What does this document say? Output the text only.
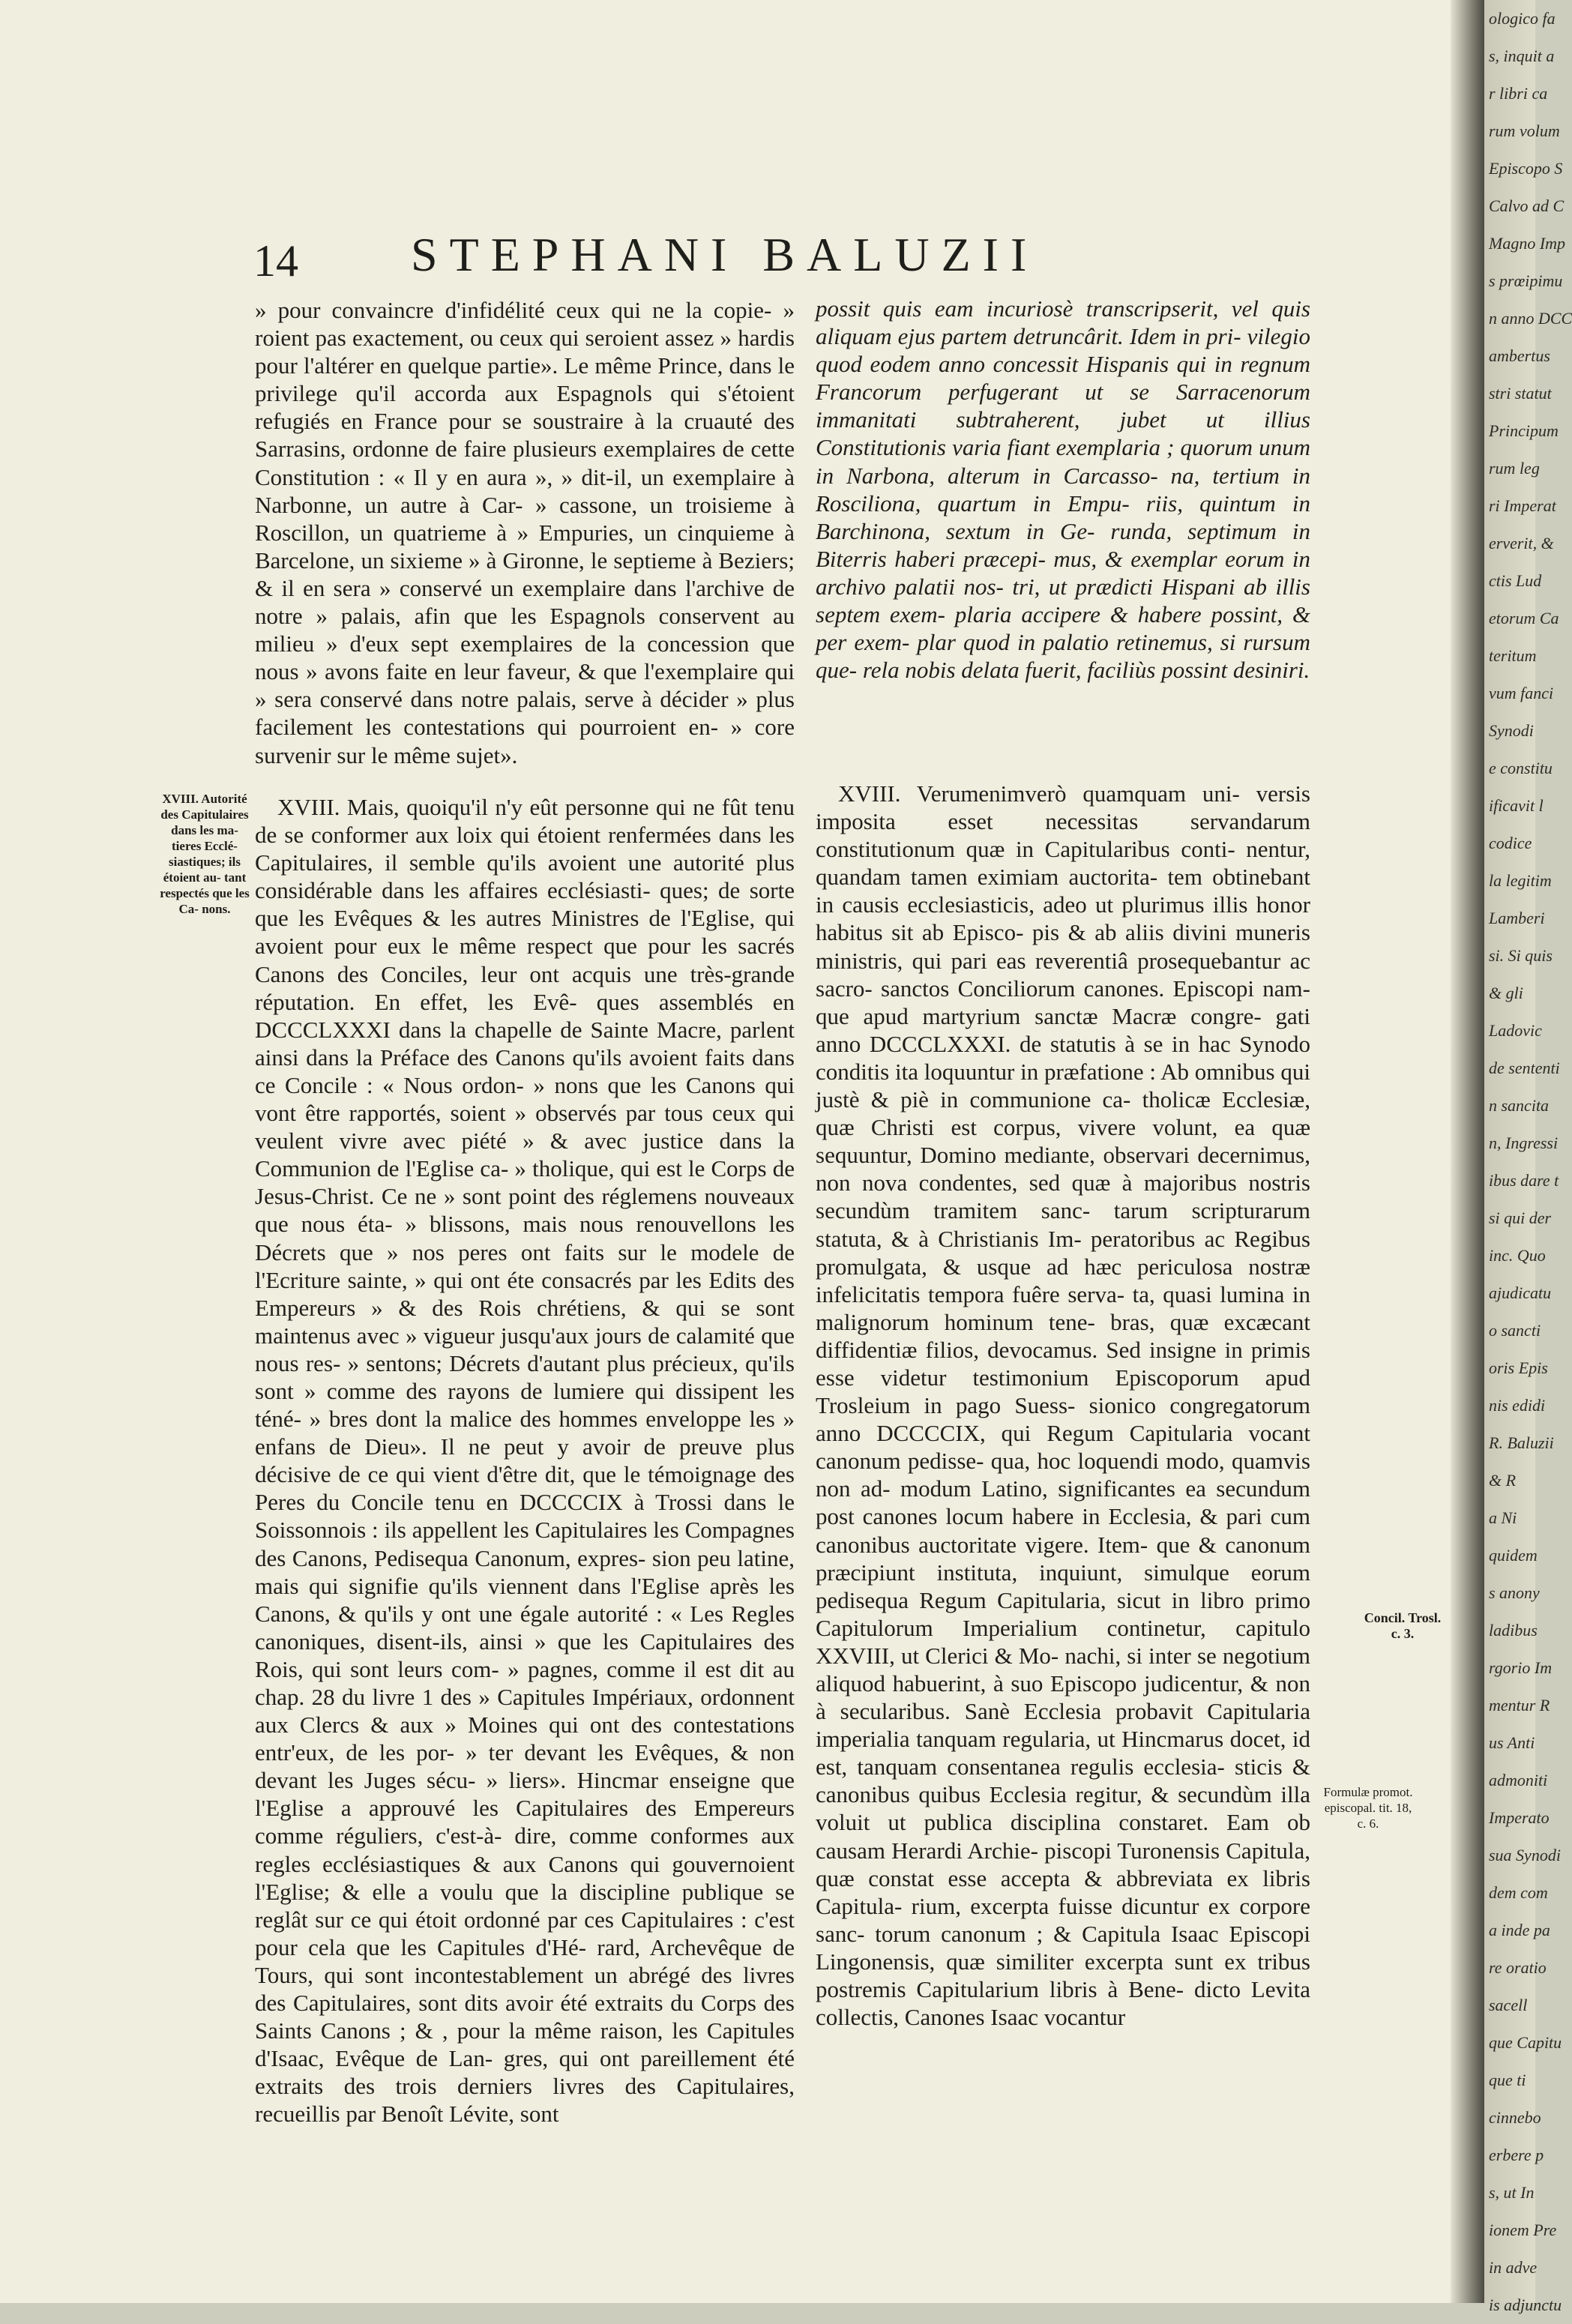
14 STEPHANI BALUZII

» pour convaincre d'infidélité ceux qui ne la copie- » roient pas exactement, ou ceux qui seroient assez » hardis pour l'altérer en quelque partie». Le même Prince, dans le privilege qu'il accorda aux Espagnols qui s'étoient refugiés en France pour se soustraire à la cruauté des Sarrasins, ordonne de faire plusieurs exemplaires de cette Constitution : « Il y en aura », » dit-il, un exemplaire à Narbonne, un autre à Car- » cassone, un troisieme à Roscillon, un quatrieme à » Empuries, un cinquieme à Barcelone, un sixieme » à Gironne, le septieme à Beziers; & il en sera » conservé un exemplaire dans l'archive de notre » palais, afin que les Espagnols conservent au milieu » d'eux sept exemplaires de la concession que nous » avons faite en leur faveur, & que l'exemplaire qui » sera conservé dans notre palais, serve à décider » plus facilement les contestations qui pourroient en- » core survenir sur le même sujet».

XVIII. Mais, quoiqu'il n'y eût personne qui ne fût tenu de se conformer aux loix qui étoient renfermées dans les Capitulaires, il semble qu'ils avoient une autorité plus considérable dans les affaires ecclésiasti- ques; de sorte que les Evêques & les autres Ministres de l'Eglise, qui avoient pour eux le même respect que pour les sacrés Canons des Conciles, leur ont acquis une très-grande réputation. En effet, les Evê- ques assemblés en DCCCLXXXI dans la chapelle de Sainte Macre, parlent ainsi dans la Préface des Canons qu'ils avoient faits dans ce Concile : « Nous ordon- » nons que les Canons qui vont être rapportés, soient » observés par tous ceux qui veulent vivre avec piété » & avec justice dans la Communion de l'Eglise ca- » tholique, qui est le Corps de Jesus-Christ. Ce ne » sont point des réglemens nouveaux que nous éta- » blissons, mais nous renouvellons les Décrets que » nos peres ont faits sur le modele de l'Ecriture sainte, » qui ont éte consacrés par les Edits des Empereurs » & des Rois chrétiens, & qui se sont maintenus avec » vigueur jusqu'aux jours de calamité que nous res- » sentons; Décrets d'autant plus précieux, qu'ils sont » comme des rayons de lumiere qui dissipent les téné- » bres dont la malice des hommes enveloppe les » enfans de Dieu». Il ne peut y avoir de preuve plus décisive de ce qui vient d'être dit, que le témoignage des Peres du Concile tenu en DCCCCIX à Trossi dans le Soissonnois : ils appellent les Capitulaires les Compagnes des Canons, Pedisequa Canonum, expres- sion peu latine, mais qui signifie qu'ils viennent dans l'Eglise après les Canons, & qu'ils y ont une égale autorité : « Les Regles canoniques, disent-ils, ainsi » que les Capitulaires des Rois, qui sont leurs com- » pagnes, comme il est dit au chap. 28 du livre 1 des » Capitules Impériaux, ordonnent aux Clercs & aux » Moines qui ont des contestations entr'eux, de les por- » ter devant les Evêques, & non devant les Juges sécu- » liers». Hincmar enseigne que l'Eglise a approuvé les Capitulaires des Empereurs comme réguliers, c'est-à- dire, comme conformes aux regles ecclésiastiques & aux Canons qui gouvernoient l'Eglise; & elle a voulu que la discipline publique se reglât sur ce qui étoit ordonné par ces Capitulaires : c'est pour cela que les Capitules d'Hé- rard, Archevêque de Tours, qui sont incontestablement un abrégé des livres des Capitulaires, sont dits avoir été extraits du Corps des Saints Canons ; & , pour la même raison, les Capitules d'Isaac, Evêque de Lan- gres, qui ont pareillement été extraits des trois derniers livres des Capitulaires, recueillis par Benoît Lévite, sont

possit quis eam incuriosè transcripserit, vel quis aliquam ejus partem detruncârit. Idem in pri- vilegio quod eodem anno concessit Hispanis qui in regnum Francorum perfugerant ut se Sarracenorum immanitati subtraherent, jubet ut illius Constitutionis varia fiant exemplaria ; quorum unum in Narbona, alterum in Carcasso- na, tertium in Rosciliona, quartum in Empu- riis, quintum in Barchinona, sextum in Ge- runda, septimum in Biterris haberi præcepi- mus, & exemplar eorum in archivo palatii nos- tri, ut prædicti Hispani ab illis septem exem- plaria accipere & habere possint, & per exem- plar quod in palatio retinemus, si rursum que- rela nobis delata fuerit, faciliùs possint desiniri.

XVIII. Verumenimverò quamquam uni- versis imposita esset necessitas servandarum constitutionum quæ in Capitularibus conti- nentur, quandam tamen eximiam auctorita- tem obtinebant in causis ecclesiasticis, adeo ut plurimus illis honor habitus sit ab Episco- pis & ab aliis divini muneris ministris, qui pari eas reverentiâ prosequebantur ac sacro- sanctos Conciliorum canones. Episcopi nam- que apud martyrium sanctæ Macræ congre- gati anno DCCCLXXXI. de statutis à se in hac Synodo conditis ita loquuntur in præfatione : Ab omnibus qui justè & piè in communione ca- tholicæ Ecclesiæ, quæ Christi est corpus, vivere volunt, ea quæ sequuntur, Domino mediante, observari decernimus, non nova condentes, sed quæ à majoribus nostris secundùm tramitem sanc- tarum scripturarum statuta, & à Christianis Im- peratoribus ac Regibus promulgata, & usque ad hæc periculosa nostræ infelicitatis tempora fuêre serva- ta, quasi lumina in malignorum hominum tene- bras, quæ excæcant diffidentiæ filios, devocamus. Sed insigne in primis esse videtur testimonium Episcoporum apud Trosleium in pago Suess- sionico congregatorum anno DCCCCIX, qui Regum Capitularia vocant canonum pedisse- qua, hoc loquendi modo, quamvis non ad- modum Latino, significantes ea secundum post canones locum habere in Ecclesia, & pari cum canonibus auctoritate vigere. Item- que & canonum præcipiunt instituta, inquiunt, simulque eorum pedisequa Regum Capitularia, sicut in libro primo Capitulorum Imperialium continetur, capitulo XXVIII, ut Clerici & Mo- nachi, si inter se negotium aliquod habuerint, à suo Episcopo judicentur, & non à secularibus. Sanè Ecclesia probavit Capitularia imperialia tanquam regularia, ut Hincmarus docet, id est, tanquam consentanea regulis ecclesia- sticis & canonibus quibus Ecclesia regitur, & secundùm illa voluit ut publica disciplina constaret. Eam ob causam Herardi Archie- piscopi Turonensis Capitula, quæ constat esse accepta & abbreviata ex libris Capitula- rium, excerpta fuisse dicuntur ex corpore sanc- torum canonum ; & Capitula Isaac Episcopi Lingonensis, quæ similiter excerpta sunt ex tribus postremis Capitularium libris à Bene- dicto Levita collectis, Canones Isaac vocantur

XVIII. Autorité des Capitulaires dans les ma- tieres Ecclé- siastiques; ils étoient au- tant respectés que les Ca- nons.
Concil. Trosl. c. 3.
Formulæ promot. episcopal. tit. 18, c. 6.
ologico fa
s, inquit a
r libri ca
rum volum
Episcopo S
Calvo ad C
Magno Imp
s prœipimu
n anno DCC
ambertus
stri statut
Principum
rum leg
ri Imperat
erverit, &
ctis Lud
etorum Ca
teritum
vum fanci
Synodi
e constitu
ificavit l
codice
la legitim
Lamberi
si. Si quis
& gli
Ladovic
de sententi
n sancita
n, Ingressi
ibus dare t
si qui der
inc. Quo
ajudicatu
o sancti
oris Epis
nis edidi
R. Baluzii
& R
a Ni
quidem
s anony
ladibus
rgorio Im
mentur R
us Anti
admoniti
Imperato
sua Synodi
dem com
a inde pa
re oratio
sacell
que Capitu
que ti
cinnebo
erbere p
s, ut In
ionem Pre
in adve
is adjunctu
